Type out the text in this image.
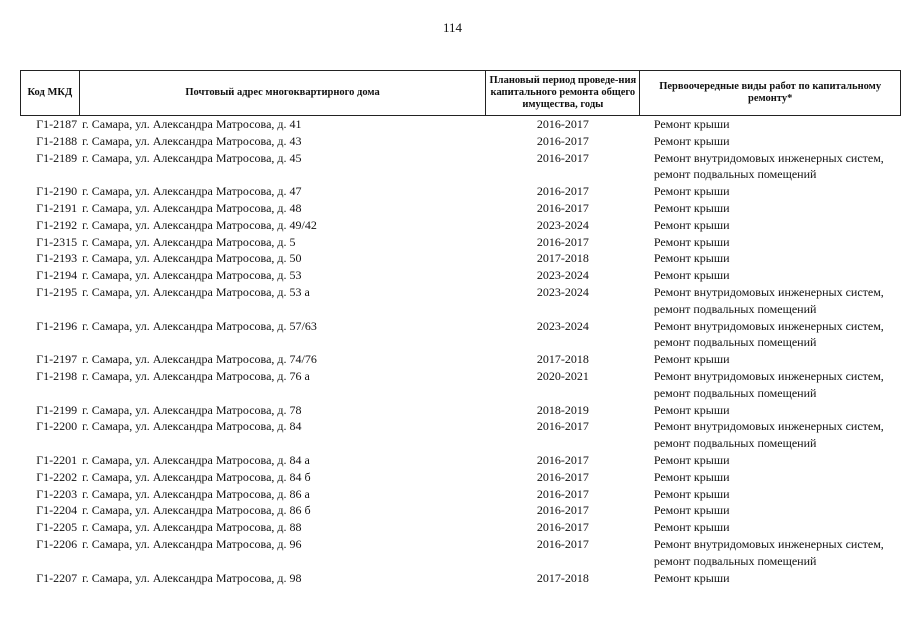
114
Код МКД	Почтовый адрес многоквартирного дома	Плановый период проведе-ния капитального ремонта общего имущества, годы	Первоочередные виды работ по капитальному ремонту*
Г1-2187	г. Самара, ул. Александра Матросова, д. 41	2016-2017	Ремонт крыши

Г1-2188	г. Самара, ул. Александра Матросова, д. 43	2016-2017	Ремонт крыши

Г1-2189	г. Самара, ул. Александра Матросова, д. 45	2016-2017	Ремонт внутридомовых инженерных систем,
ремонт подвальных помещений

Г1-2190	г. Самара, ул. Александра Матросова, д. 47	2016-2017	Ремонт крыши

Г1-2191	г. Самара, ул. Александра Матросова, д. 48	2016-2017	Ремонт крыши

Г1-2192	г. Самара, ул. Александра Матросова, д. 49/42	2023-2024	Ремонт крыши

Г1-2315	г. Самара, ул. Александра Матросова, д. 5	2016-2017	Ремонт крыши

Г1-2193	г. Самара, ул. Александра Матросова, д. 50	2017-2018	Ремонт крыши

Г1-2194	г. Самара, ул. Александра Матросова, д. 53	2023-2024	Ремонт крыши

Г1-2195	г. Самара, ул. Александра Матросова, д. 53 а	2023-2024	Ремонт внутридомовых инженерных систем,
ремонт подвальных помещений

Г1-2196	г. Самара, ул. Александра Матросова, д. 57/63	2023-2024	Ремонт внутридомовых инженерных систем,
ремонт подвальных помещений

Г1-2197	г. Самара, ул. Александра Матросова, д. 74/76	2017-2018	Ремонт крыши

Г1-2198	г. Самара, ул. Александра Матросова, д. 76 а	2020-2021	Ремонт внутридомовых инженерных систем,
ремонт подвальных помещений

Г1-2199	г. Самара, ул. Александра Матросова, д. 78	2018-2019	Ремонт крыши

Г1-2200	г. Самара, ул. Александра Матросова, д. 84	2016-2017	Ремонт внутридомовых инженерных систем,
ремонт подвальных помещений

Г1-2201	г. Самара, ул. Александра Матросова, д. 84 а	2016-2017	Ремонт крыши

Г1-2202	г. Самара, ул. Александра Матросова, д. 84 б	2016-2017	Ремонт крыши

Г1-2203	г. Самара, ул. Александра Матросова, д. 86 а	2016-2017	Ремонт крыши

Г1-2204	г. Самара, ул. Александра Матросова, д. 86 б	2016-2017	Ремонт крыши

Г1-2205	г. Самара, ул. Александра Матросова, д. 88	2016-2017	Ремонт крыши

Г1-2206	г. Самара, ул. Александра Матросова, д. 96	2016-2017	Ремонт внутридомовых инженерных систем,
ремонт подвальных помещений

Г1-2207	г. Самара, ул. Александра Матросова, д. 98	2017-2018	Ремонт крыши
